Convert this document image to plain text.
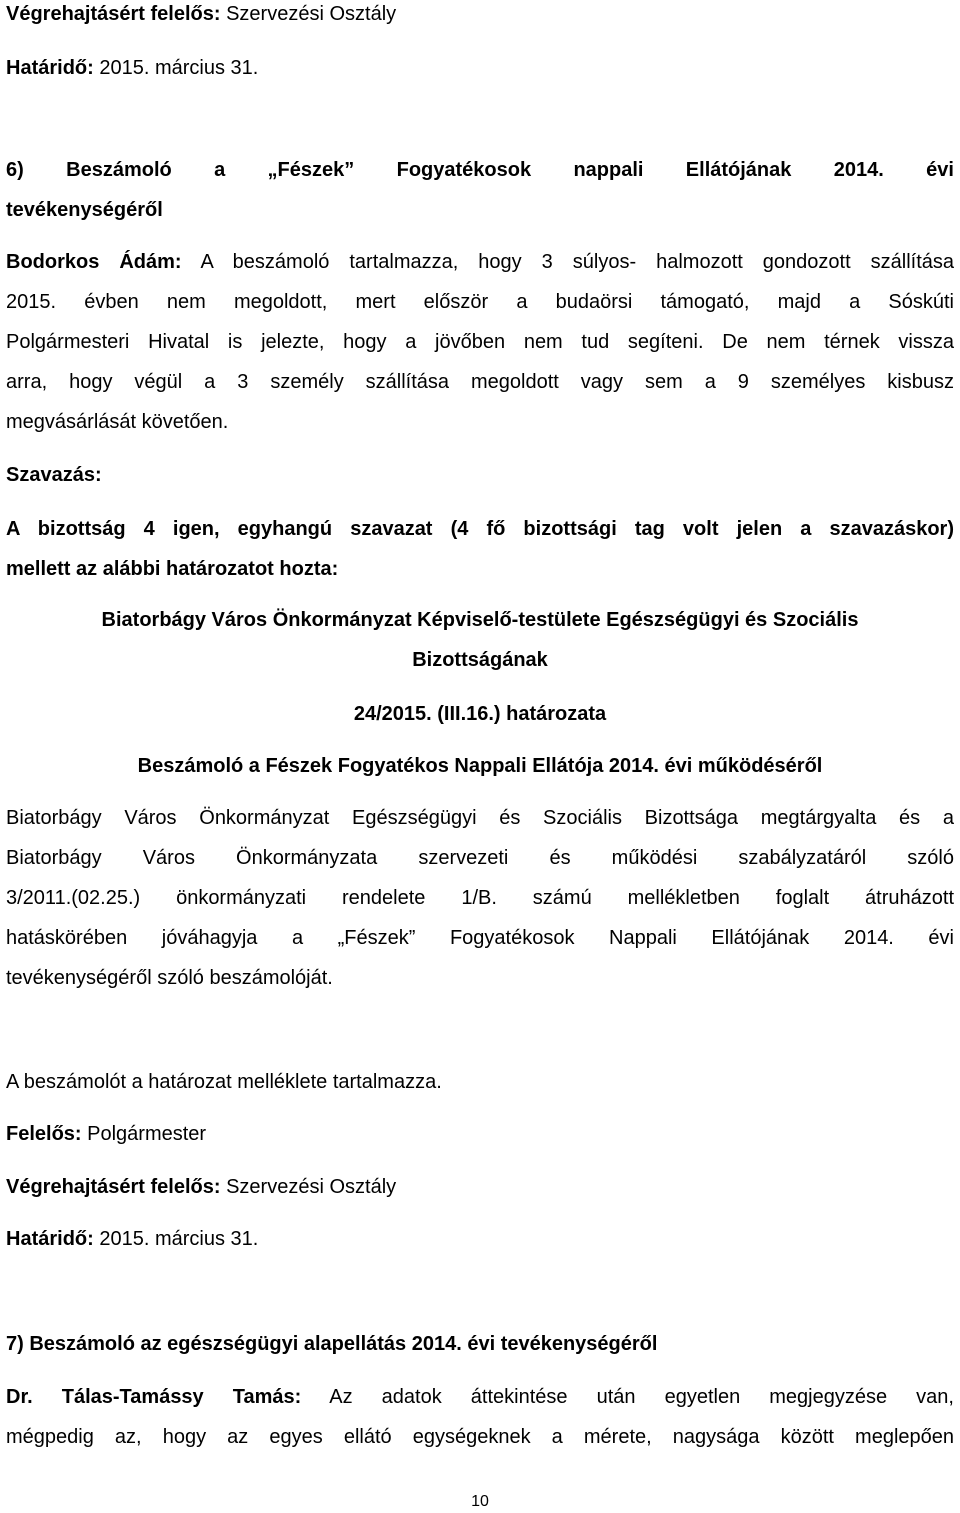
Végrehajtásért felelős: Szervezési Osztály
Határidő: 2015. március 31.
6) Beszámoló a „Fészek” Fogyatékosok nappali Ellátójának 2014. évi
tevékenységéről
Bodorkos Ádám: A beszámoló tartalmazza, hogy 3 súlyos- halmozott gondozott szállítása
2015. évben nem megoldott, mert először a budaörsi támogató, majd a Sóskúti
Polgármesteri Hivatal is jelezte, hogy a jövőben nem tud segíteni. De nem térnek vissza
arra, hogy végül a 3 személy szállítása megoldott vagy sem a 9 személyes kisbusz
megvásárlását követően.
Szavazás:
A bizottság 4 igen, egyhangú szavazat (4 fő bizottsági tag volt jelen a szavazáskor)
mellett az alábbi határozatot hozta:
Biatorbágy Város Önkormányzat Képviselő-testülete Egészségügyi és Szociális
Bizottságának
24/2015. (III.16.) határozata
Beszámoló a Fészek Fogyatékos Nappali Ellátója 2014. évi működéséről
Biatorbágy Város Önkormányzat Egészségügyi és Szociális Bizottsága megtárgyalta és a
Biatorbágy Város Önkormányzata szervezeti és működési szabályzatáról szóló
3/2011.(02.25.) önkormányzati rendelete 1/B. számú mellékletben foglalt átruházott
hatáskörében jóváhagyja a „Fészek” Fogyatékosok Nappali Ellátójának 2014. évi
tevékenységéről szóló beszámolóját.
A beszámolót a határozat melléklete tartalmazza.
Felelős: Polgármester
Végrehajtásért felelős: Szervezési Osztály
Határidő: 2015. március 31.
7) Beszámoló az egészségügyi alapellátás 2014. évi tevékenységéről
Dr. Tálas-Tamássy Tamás: Az adatok áttekintése után egyetlen megjegyzése van,
mégpedig az, hogy az egyes ellátó egységeknek a mérete, nagysága között meglepően
10
